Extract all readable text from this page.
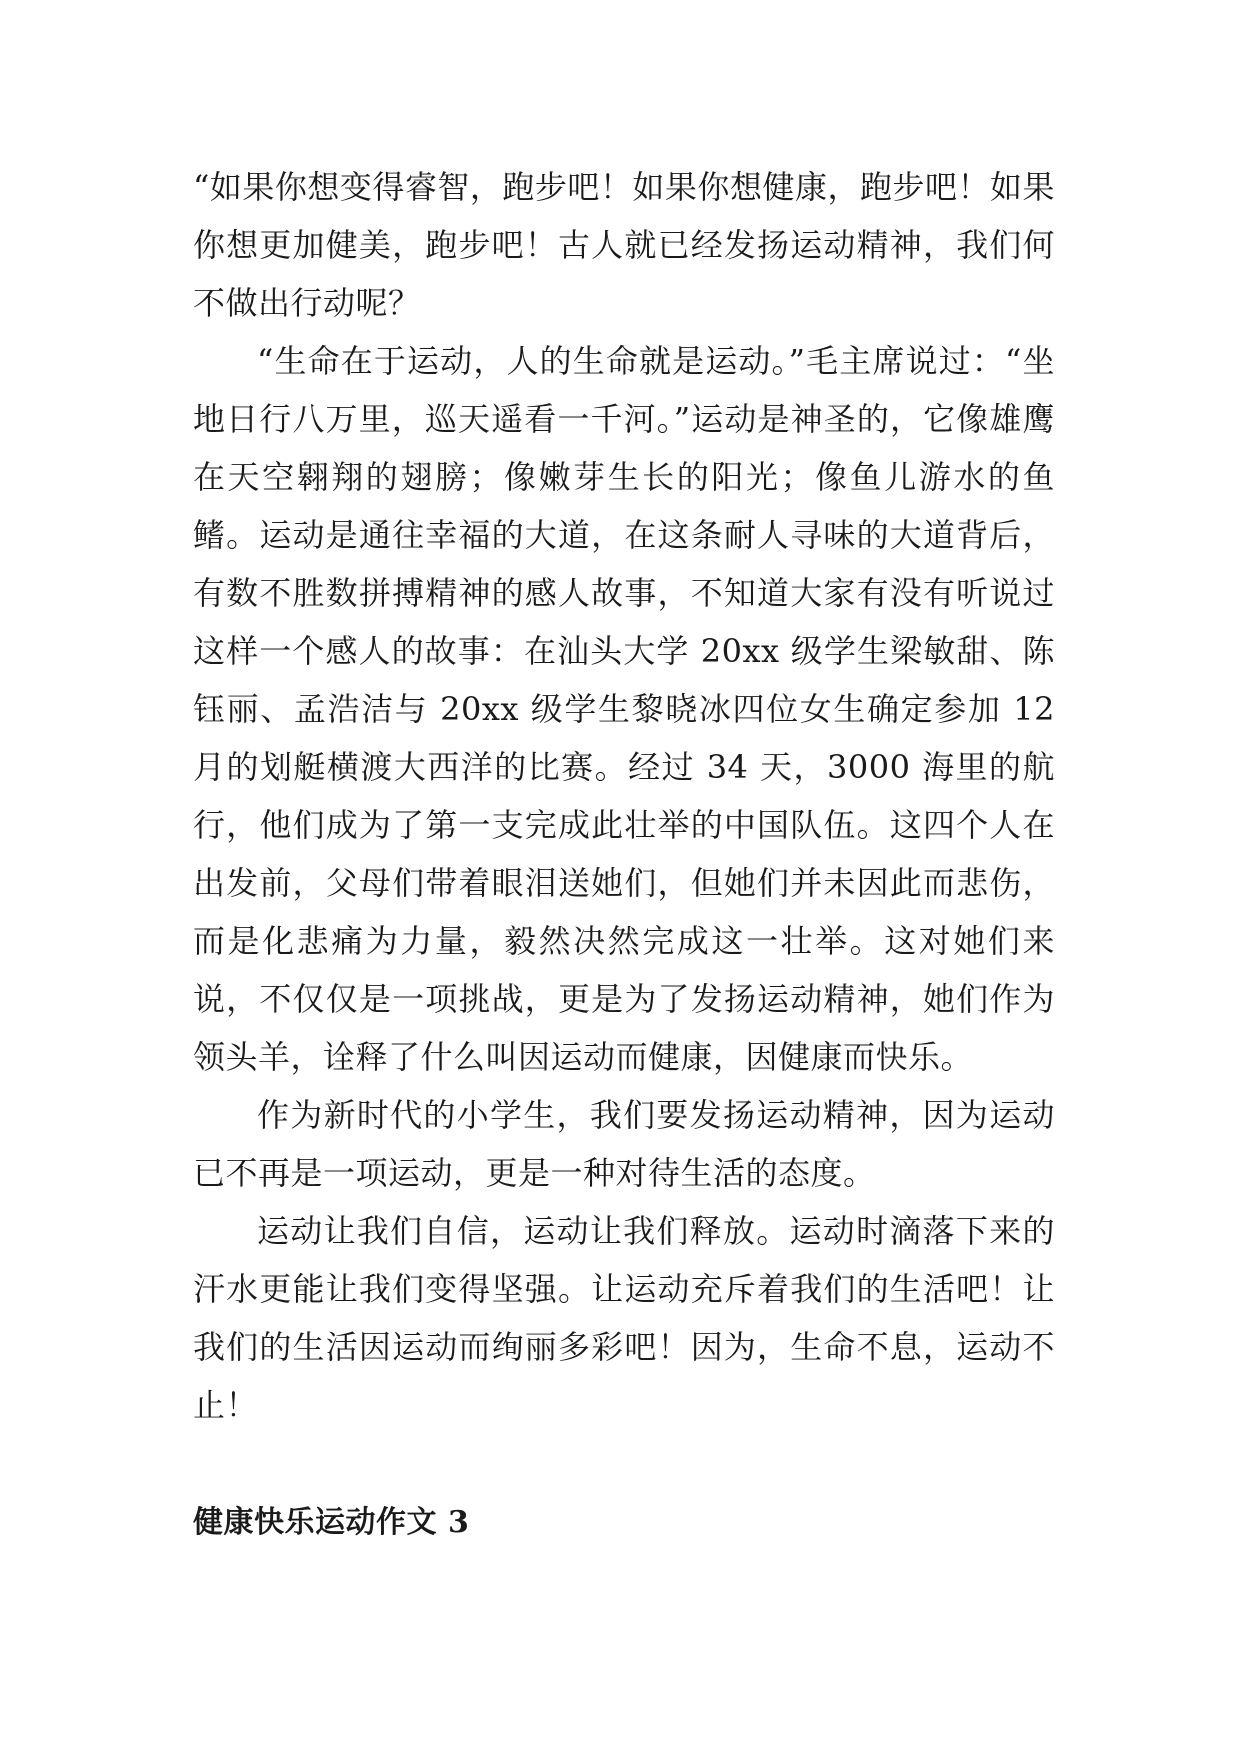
“如果你想变得睿智，跑步吧！如果你想健康，跑步吧！如果你想更加健美，跑步吧！古人就已经发扬运动精神，我们何不做出行动呢？

“生命在于运动，人的生命就是运动。”毛主席说过：“坐地日行八万里，巡天遥看一千河。”运动是神圣的，它像雄鹰在天空翱翔的翅膀；像嫩芽生长的阳光；像鱼儿游水的鱼鳍。运动是通往幸福的大道，在这条耐人寻味的大道背后，有数不胜数拼搏精神的感人故事，不知道大家有没有听说过这样一个感人的故事：在汕头大学 20xx 级学生梁敏甜、陈钰丽、孟浩洁与 20xx 级学生黎晓冰四位女生确定参加 12 月的划艇横渡大西洋的比赛。经过 34 天，3000 海里的航行，他们成为了第一支完成此壮举的中国队伍。这四个人在出发前，父母们带着眼泪送她们，但她们并未因此而悲伤，而是化悲痛为力量，毅然决然完成这一壮举。这对她们来说，不仅仅是一项挑战，更是为了发扬运动精神，她们作为领头羊，诠释了什么叫因运动而健康，因健康而快乐。

作为新时代的小学生，我们要发扬运动精神，因为运动已不再是一项运动，更是一种对待生活的态度。

运动让我们自信，运动让我们释放。运动时滴落下来的汗水更能让我们变得坚强。让运动充斥着我们的生活吧！让我们的生活因运动而绚丽多彩吧！因为，生命不息，运动不止！

健康快乐运动作文 3
